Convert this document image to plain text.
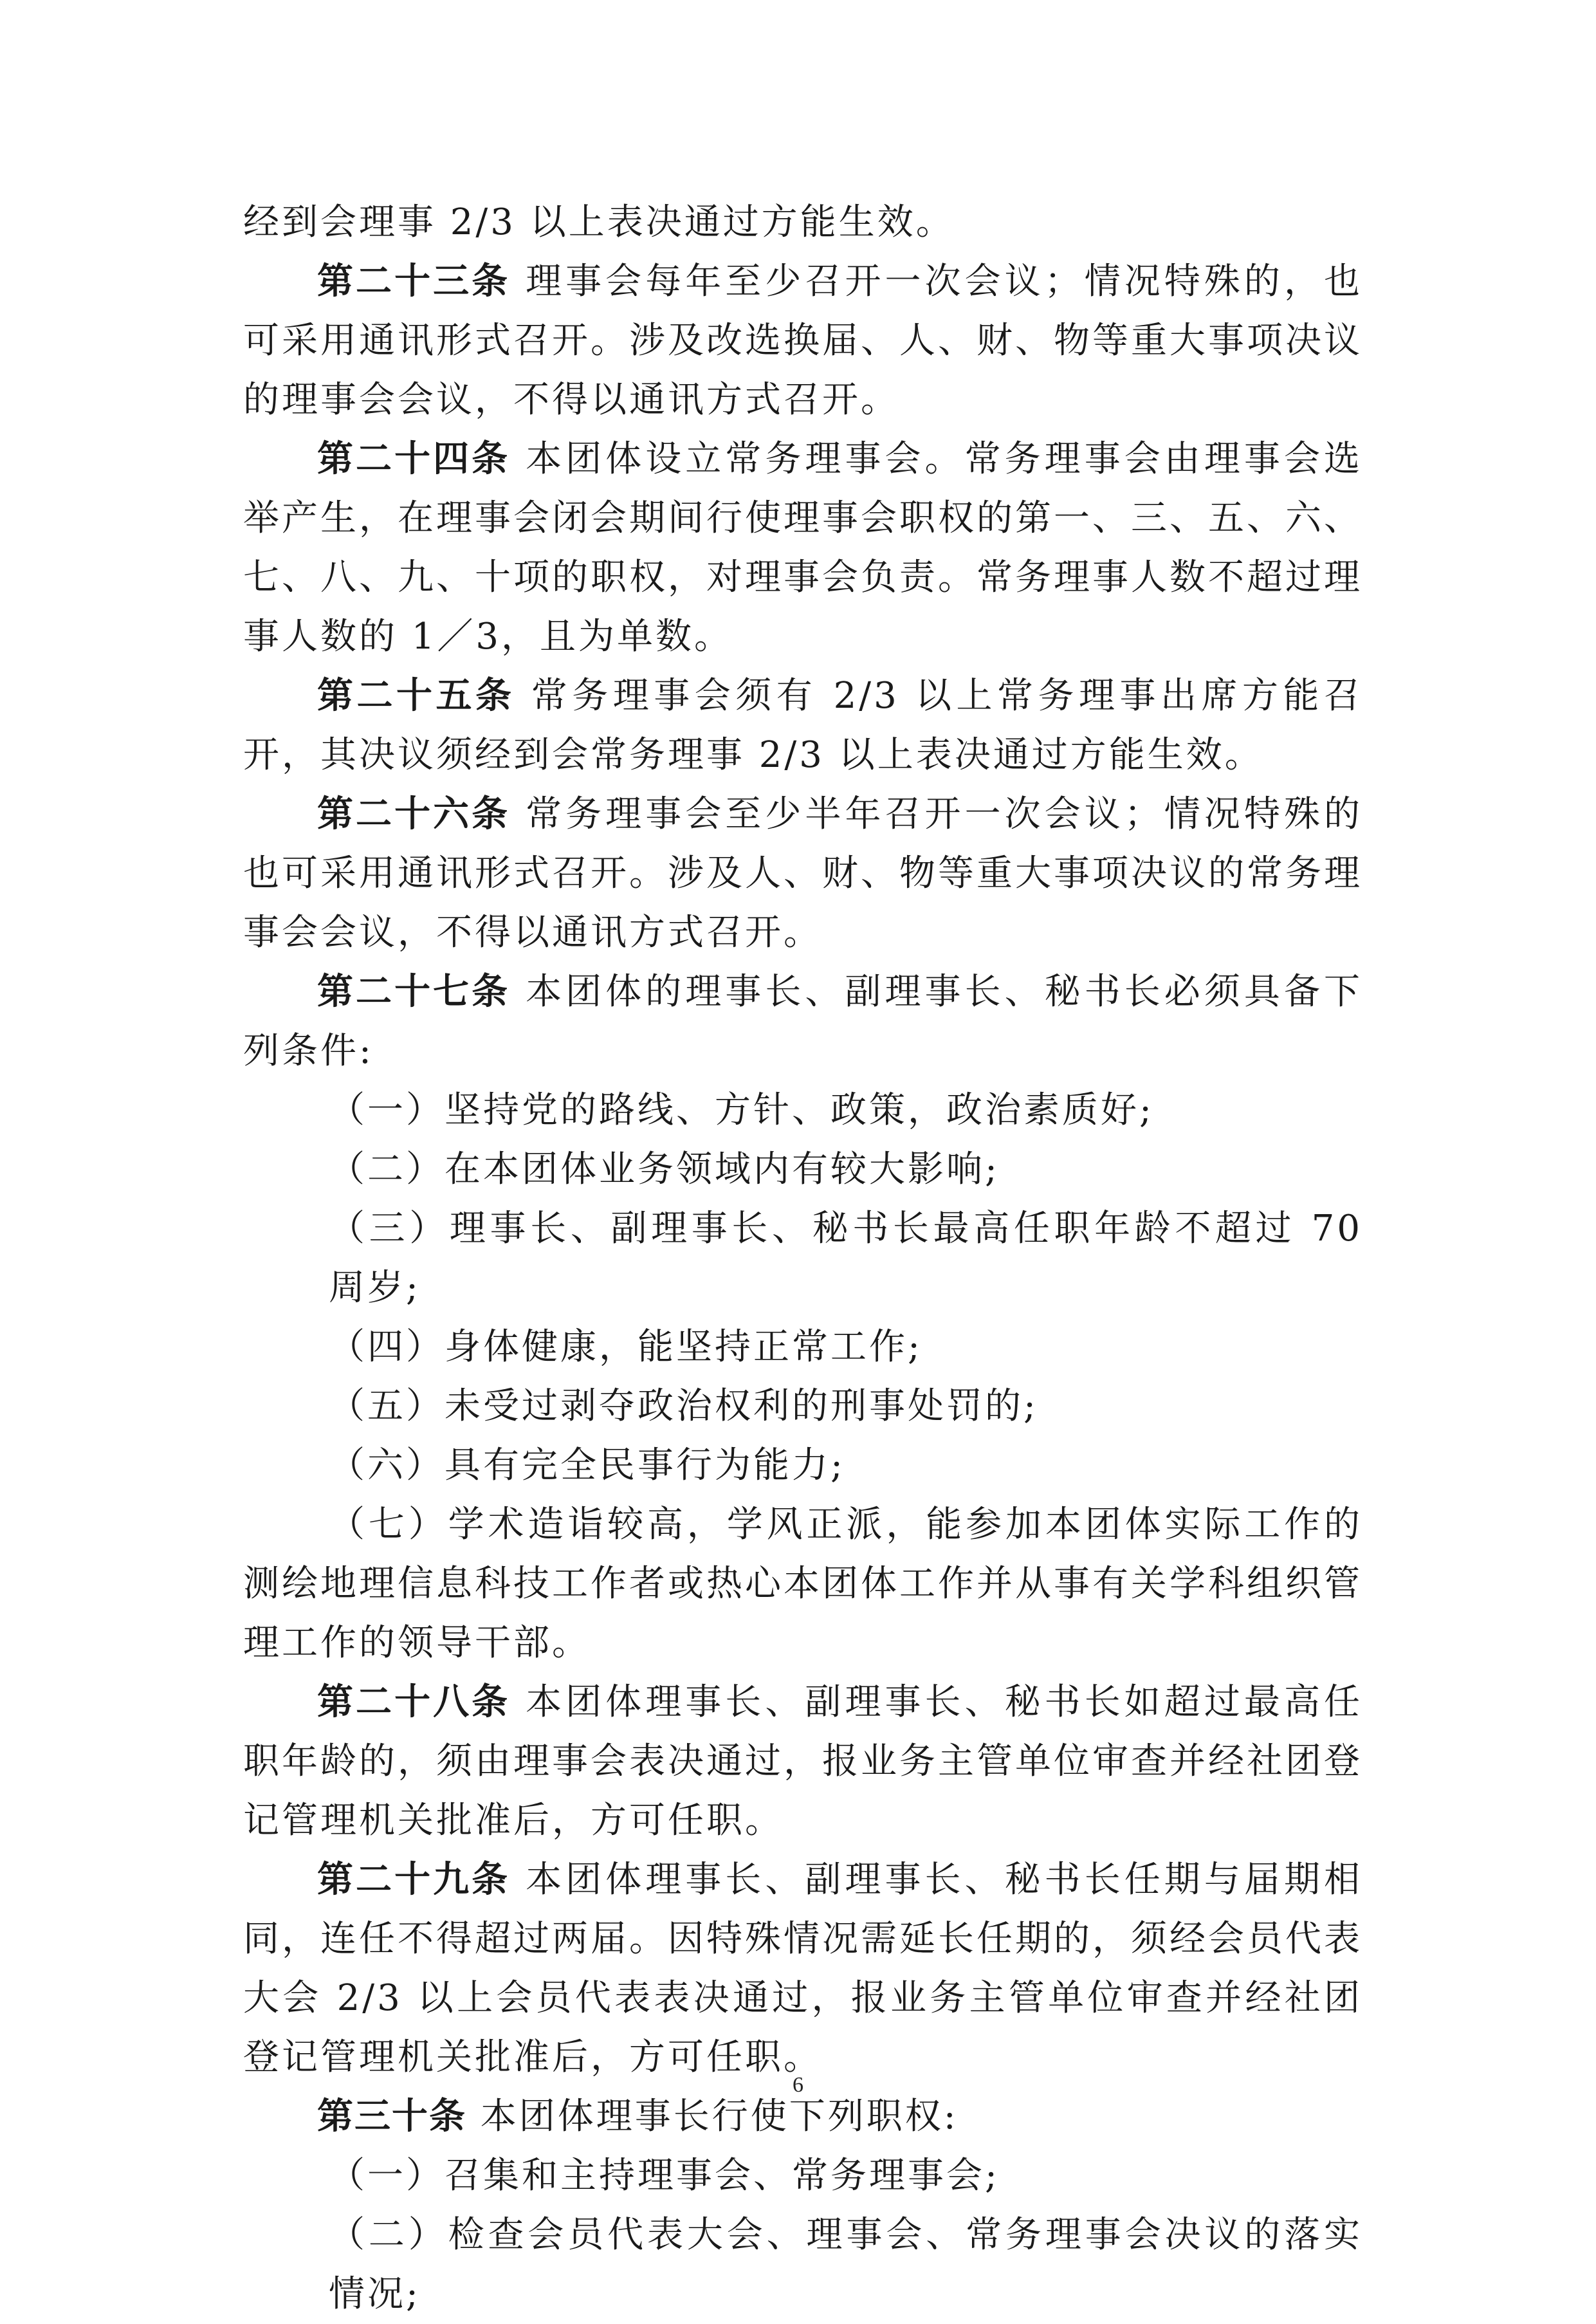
经到会理事 2/3 以上表决通过方能生效。

第二十三条 理事会每年至少召开一次会议；情况特殊的，也可采用通讯形式召开。涉及改选换届、人、财、物等重大事项决议的理事会会议，不得以通讯方式召开。

第二十四条 本团体设立常务理事会。常务理事会由理事会选举产生，在理事会闭会期间行使理事会职权的第一、三、五、六、七、八、九、十项的职权，对理事会负责。常务理事人数不超过理事人数的 1／3，且为单数。

第二十五条 常务理事会须有 2/3 以上常务理事出席方能召开，其决议须经到会常务理事 2/3 以上表决通过方能生效。

第二十六条 常务理事会至少半年召开一次会议；情况特殊的也可采用通讯形式召开。涉及人、财、物等重大事项决议的常务理事会会议，不得以通讯方式召开。

第二十七条 本团体的理事长、副理事长、秘书长必须具备下列条件:

（一）坚持党的路线、方针、政策，政治素质好;

（二）在本团体业务领域内有较大影响;

（三）理事长、副理事长、秘书长最高任职年龄不超过 70 周岁;

（四）身体健康，能坚持正常工作;

（五）未受过剥夺政治权利的刑事处罚的;

（六）具有完全民事行为能力;

（七）学术造诣较高，学风正派，能参加本团体实际工作的测绘地理信息科技工作者或热心本团体工作并从事有关学科组织管理工作的领导干部。

第二十八条 本团体理事长、副理事长、秘书长如超过最高任职年龄的，须由理事会表决通过，报业务主管单位审查并经社团登记管理机关批准后，方可任职。

第二十九条 本团体理事长、副理事长、秘书长任期与届期相同，连任不得超过两届。因特殊情况需延长任期的，须经会员代表大会 2/3 以上会员代表表决通过，报业务主管单位审查并经社团登记管理机关批准后，方可任职。

第三十条 本团体理事长行使下列职权:

（一）召集和主持理事会、常务理事会;

（二）检查会员代表大会、理事会、常务理事会决议的落实情况;

6
